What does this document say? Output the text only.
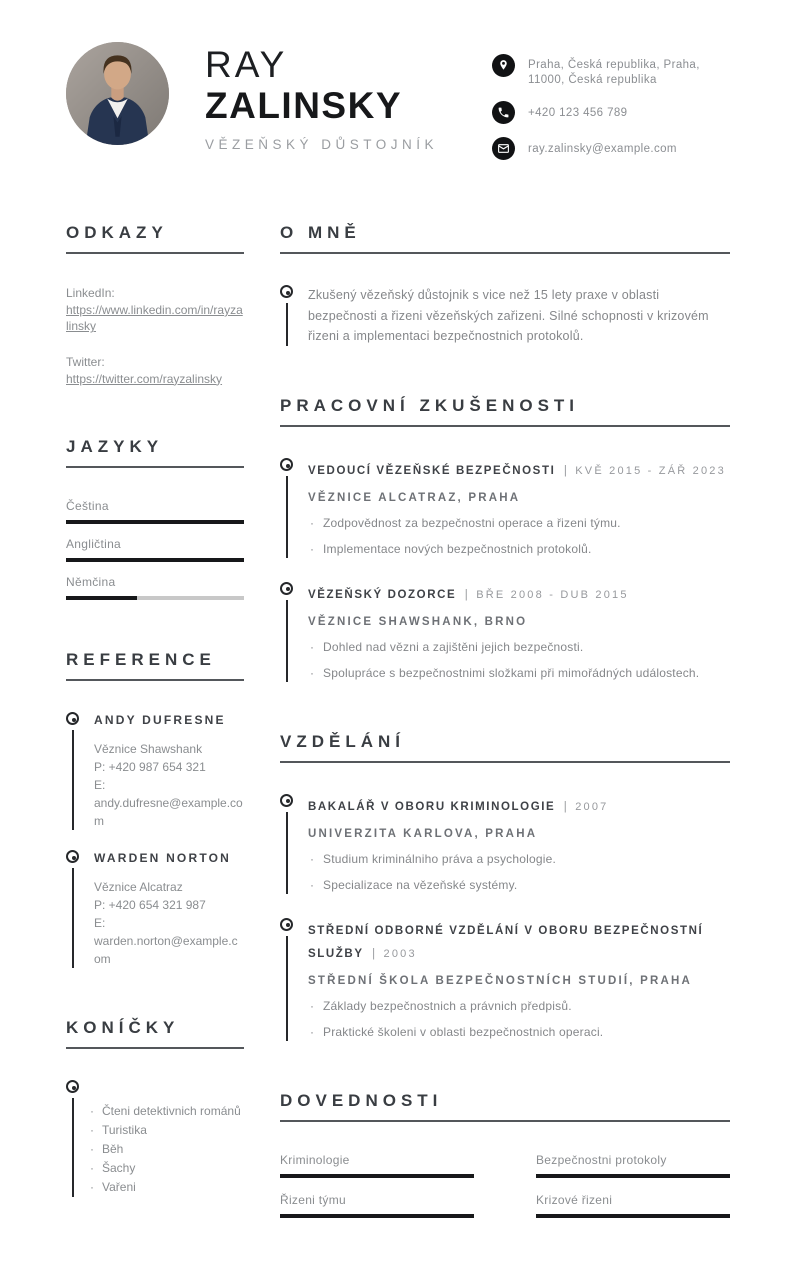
RAY
ZALINSKY
VĚZEŇSKÝ DŮSTOJNÍK
Praha, Česká republika, Praha, 11000, Česká republika
+420 123 456 789
ray.zalinsky@example.com
ODKAZY
LinkedIn:
https://www.linkedin.com/in/rayzalinsky
Twitter:
https://twitter.com/rayzalinsky
JAZYKY
Čeština
Angličtina
Němčina
REFERENCE
ANDY DUFRESNE
Věznice Shawshank
P: +420 987 654 321
E: andy.dufresne@example.com
WARDEN NORTON
Věznice Alcatraz
P: +420 654 321 987
E: warden.norton@example.com
KONÍČKY
· Čteni detektivnich románů
· Turistika
· Běh
· Šachy
· Vařeni
O MNĚ
Zkušený vězeňský důstojnik s vice než 15 lety praxe v oblasti bezpečnosti a řizeni vězeňských zařizeni. Silné schopnosti v krizovém řizeni a implementaci bezpečnostnich protokolů.
PRACOVNÍ ZKUŠENOSTI
VEDOUCÍ VĚZEŇSKÉ BEZPEČNOSTI | KVĚ 2015 - ZÁŘ 2023
VĚZNICE ALCATRAZ, PRAHA
· Zodpovědnost za bezpečnostni operace a řizeni týmu.
· Implementace nových bezpečnostnich protokolů.
VĚZEŇSKÝ DOZORCE | BŘE 2008 - DUB 2015
VĚZNICE SHAWSHANK, BRNO
· Dohled nad vězni a zajištěni jejich bezpečnosti.
· Spolupráce s bezpečnostnimi složkami při mimořádných událostech.
VZDĚLÁNÍ
BAKALÁŘ V OBORU KRIMINOLOGIE | 2007
UNIVERZITA KARLOVA, PRAHA
· Studium kriminálniho práva a psychologie.
· Specializace na vězeňské systémy.
STŘEDNÍ ODBORNÉ VZDĚLÁNÍ V OBORU BEZPEČNOSTNÍ SLUŽBY | 2003
STŘEDNÍ ŠKOLA BEZPEČNOSTNÍCH STUDIÍ, PRAHA
· Základy bezpečnostnich a právnich předpisů.
· Praktické školeni v oblasti bezpečnostnich operaci.
DOVEDNOSTI
Kriminologie
Řizeni týmu
Bezpečnostni protokoly
Krizové řizeni
